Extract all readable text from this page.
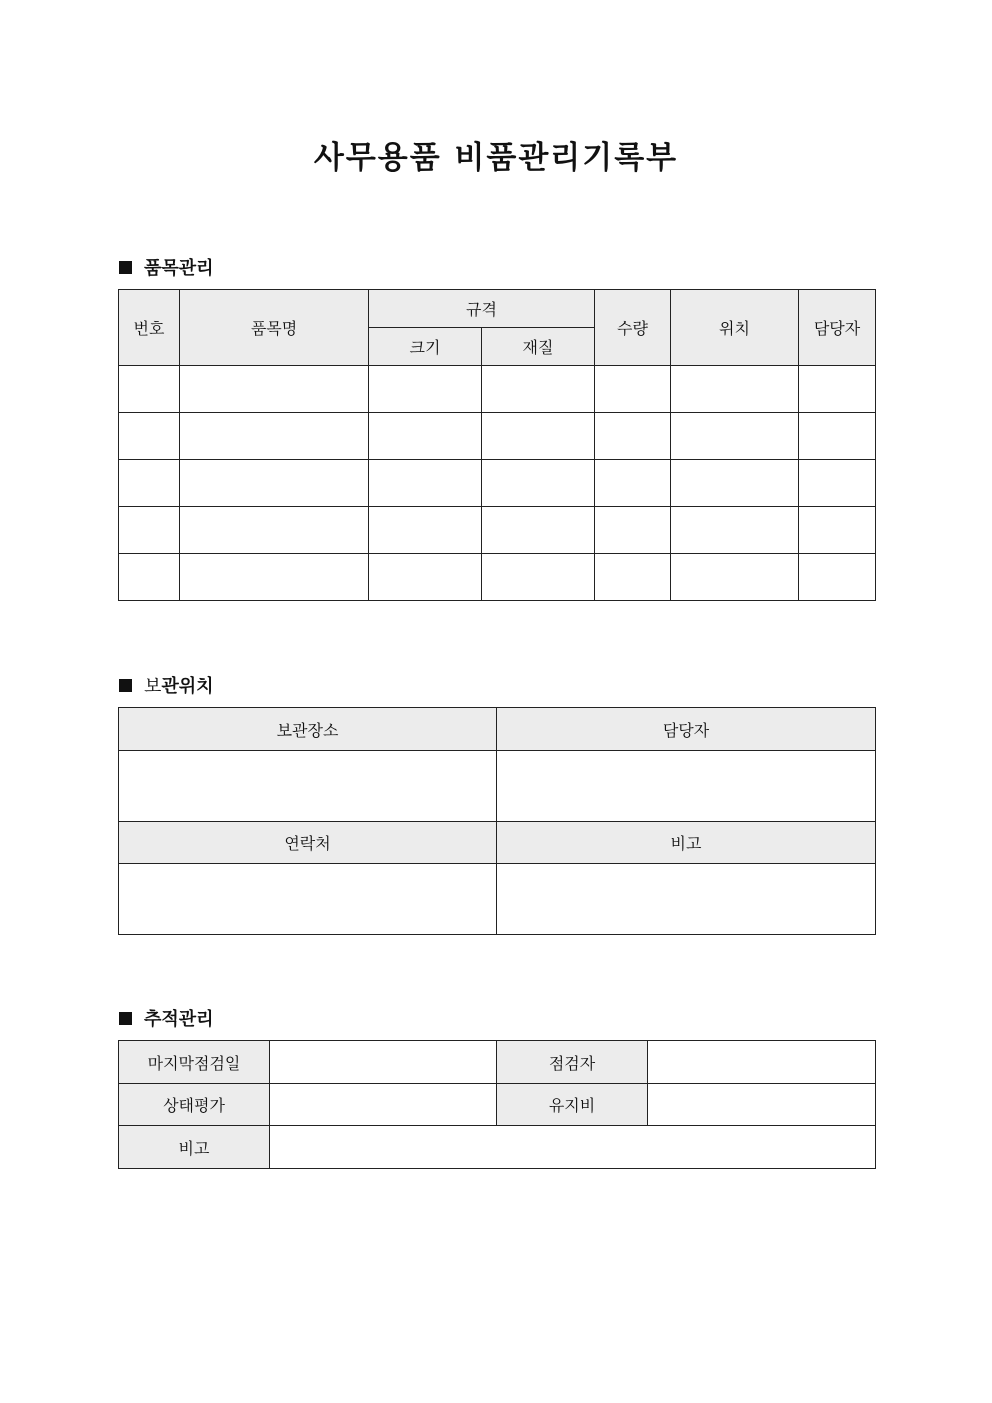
사무용품 비품관리기록부
품목관리
번호	품목명	규격		수량	위치	담당자
		크기	재질			

보 관위치
보관장소	담당자

연락처	비고

추적관리
마지막점검일		점검자	
상태평가		유지비	
비고			
